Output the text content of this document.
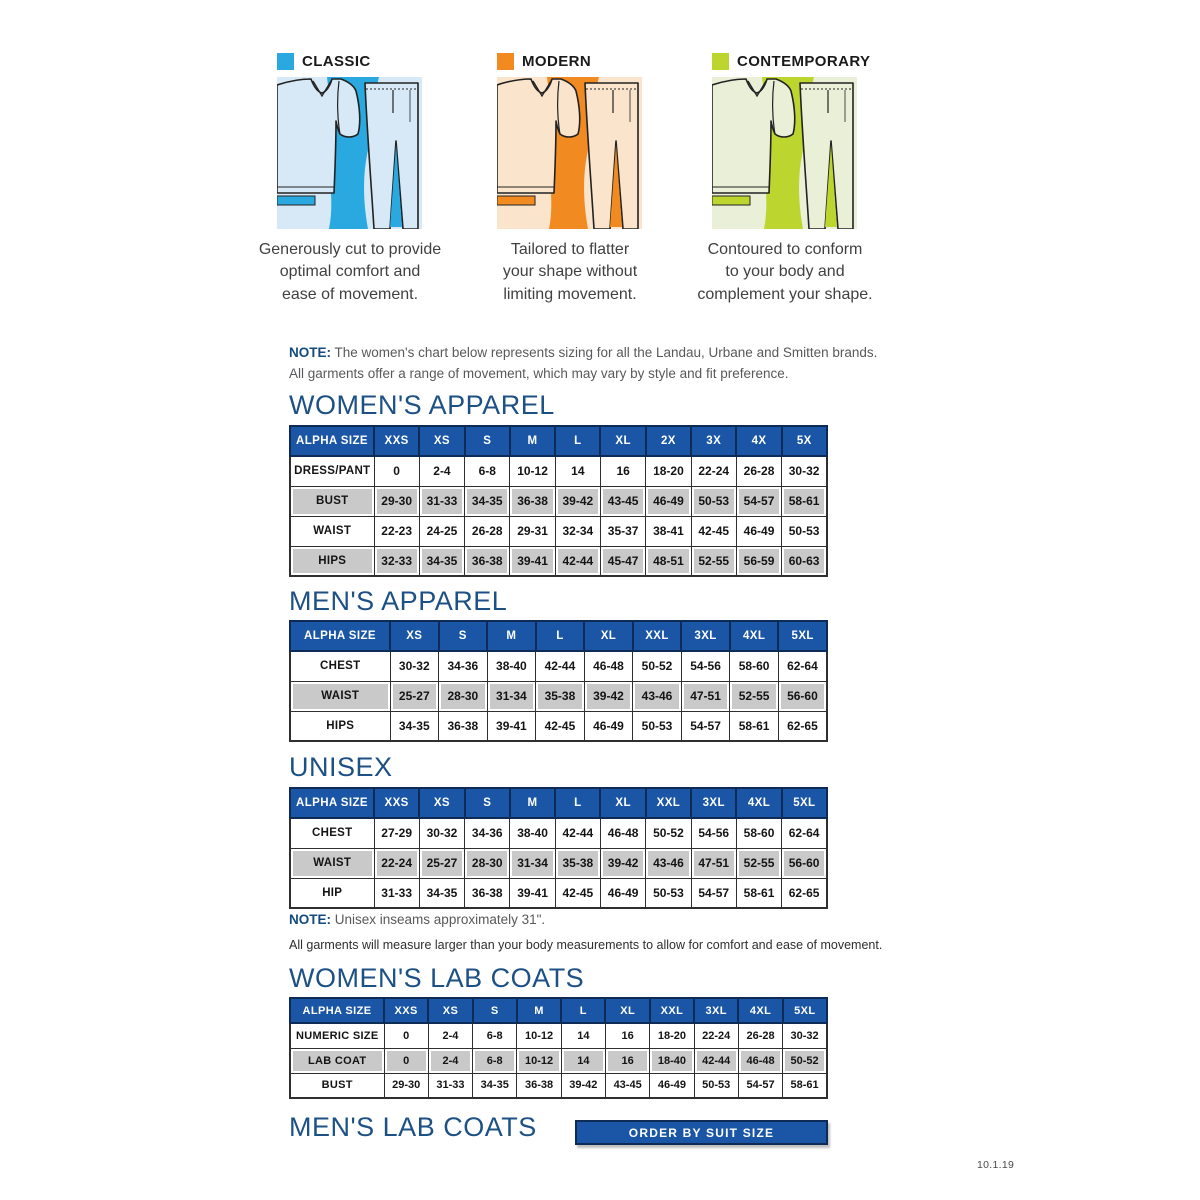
CLASSIC
Generously cut to provide
optimal comfort and
ease of movement.
MODERN
Tailored to flatter
your shape without
limiting movement.
CONTEMPORARY
Contoured to conform
to your body and
complement your shape.
NOTE: The women's chart below represents sizing for all the Landau, Urbane and Smitten brands.
All garments offer a range of movement, which may vary by style and fit preference.
WOMEN'S APPAREL
ALPHA SIZE	XXS	XS	S	M	L	XL	2X	3X	4X	5X
DRESS/PANT	0	2-4	6-8	10-12	14	16	18-20	22-24	26-28	30-32
BUST	29-30	31-33	34-35	36-38	39-42	43-45	46-49	50-53	54-57	58-61
WAIST	22-23	24-25	26-28	29-31	32-34	35-37	38-41	42-45	46-49	50-53
HIPS	32-33	34-35	36-38	39-41	42-44	45-47	48-51	52-55	56-59	60-63
MEN'S APPAREL
ALPHA SIZE	XS	S	M	L	XL	XXL	3XL	4XL	5XL
CHEST	30-32	34-36	38-40	42-44	46-48	50-52	54-56	58-60	62-64
WAIST	25-27	28-30	31-34	35-38	39-42	43-46	47-51	52-55	56-60
HIPS	34-35	36-38	39-41	42-45	46-49	50-53	54-57	58-61	62-65
UNISEX
ALPHA SIZE	XXS	XS	S	M	L	XL	XXL	3XL	4XL	5XL
CHEST	27-29	30-32	34-36	38-40	42-44	46-48	50-52	54-56	58-60	62-64
WAIST	22-24	25-27	28-30	31-34	35-38	39-42	43-46	47-51	52-55	56-60
HIP	31-33	34-35	36-38	39-41	42-45	46-49	50-53	54-57	58-61	62-65
NOTE: Unisex inseams approximately 31".
All garments will measure larger than your body measurements to allow for comfort and ease of movement.
WOMEN'S LAB COATS
ALPHA SIZE	XXS	XS	S	M	L	XL	XXL	3XL	4XL	5XL
NUMERIC SIZE	0	2-4	6-8	10-12	14	16	18-20	22-24	26-28	30-32
LAB COAT	0	2-4	6-8	10-12	14	16	18-40	42-44	46-48	50-52
BUST	29-30	31-33	34-35	36-38	39-42	43-45	46-49	50-53	54-57	58-61
MEN'S LAB COATS	ORDER BY SUIT SIZE
10.1.19
